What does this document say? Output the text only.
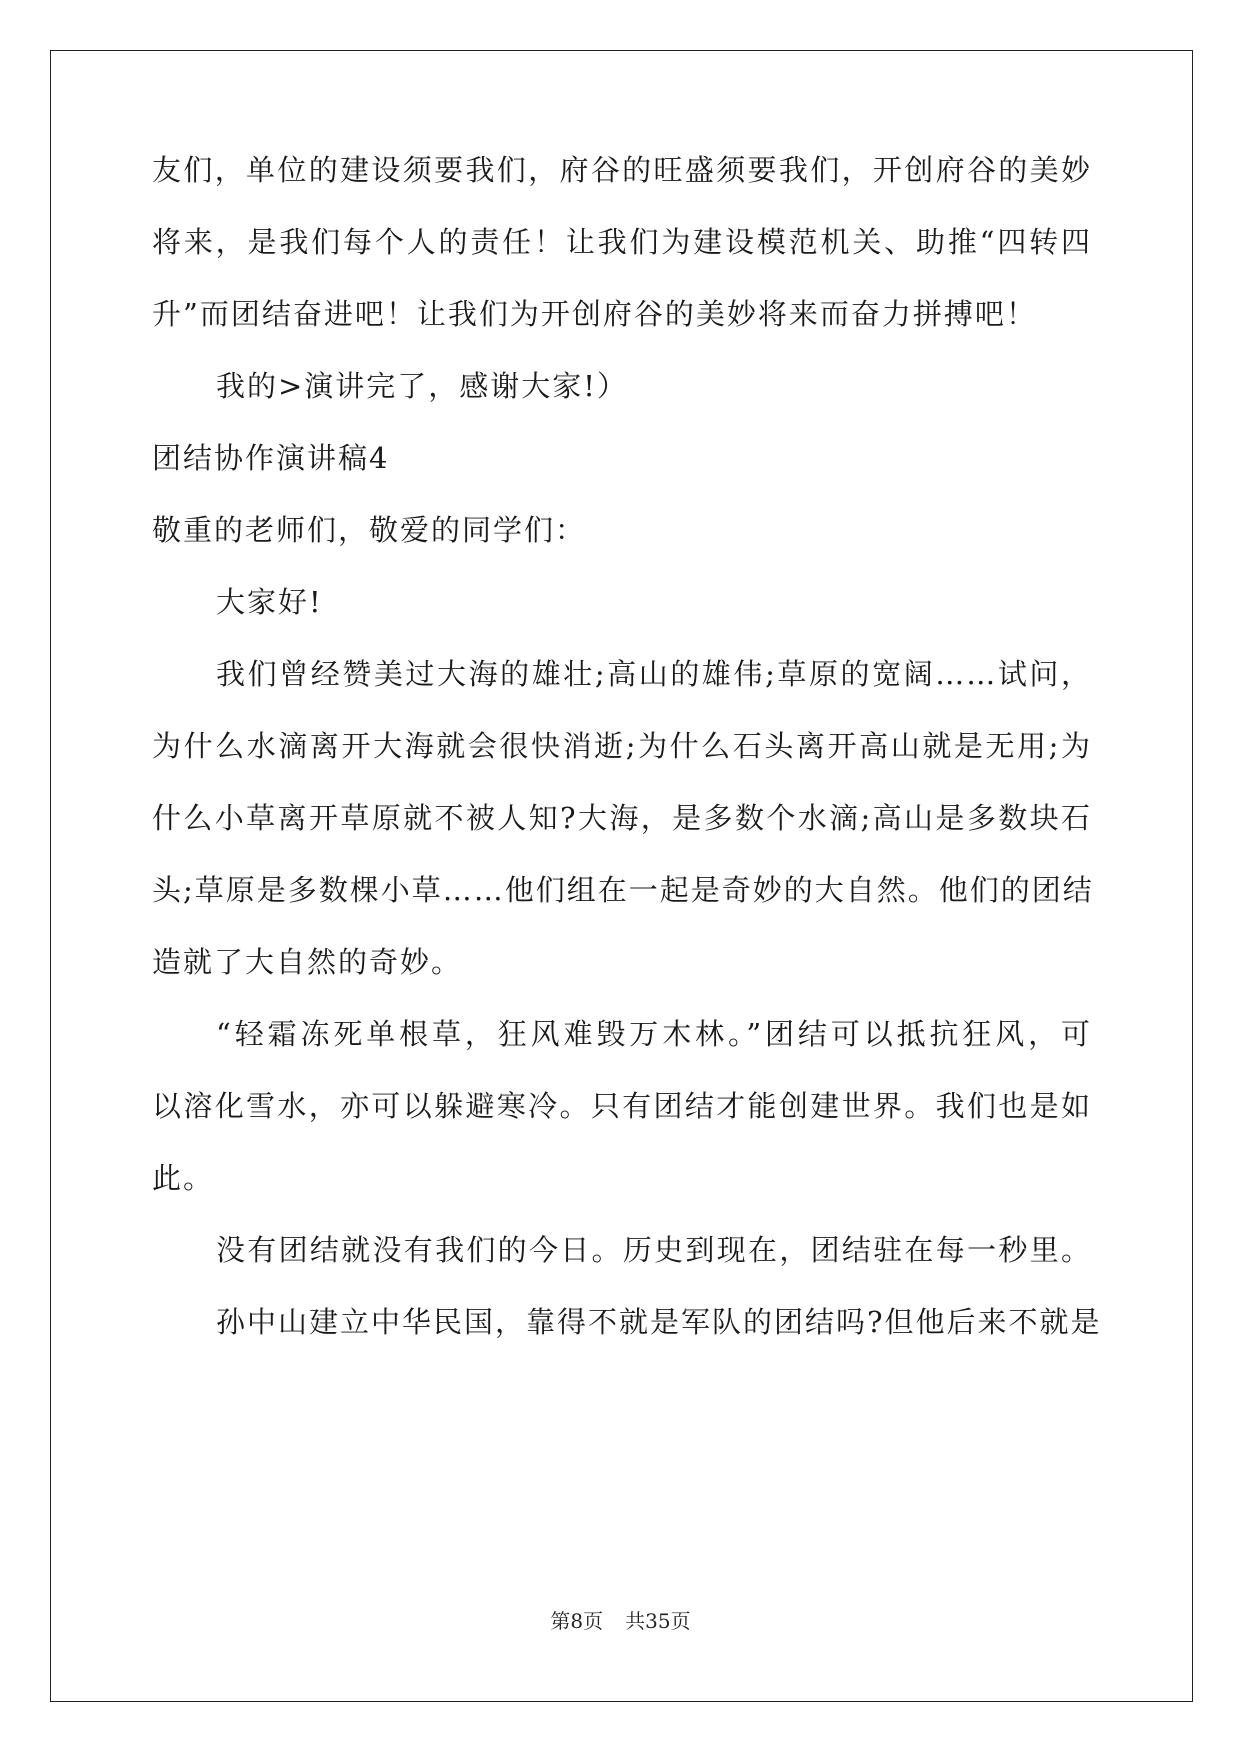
友们，单位的建设须要我们，府谷的旺盛须要我们，开创府谷的美妙
将来，是我们每个人的责任！让我们为建设模范机关、助推“四转四
升”而团结奋进吧！让我们为开创府谷的美妙将来而奋力拼搏吧！
我的>演讲完了，感谢大家!）
团结协作演讲稿4
敬重的老师们，敬爱的同学们：
大家好!
我们曾经赞美过大海的雄壮;高山的雄伟;草原的宽阔……试问，
为什么水滴离开大海就会很快消逝;为什么石头离开高山就是无用;为
什么小草离开草原就不被人知?大海，是多数个水滴;高山是多数块石
头;草原是多数棵小草……他们组在一起是奇妙的大自然。他们的团结
造就了大自然的奇妙。
“轻霜冻死单根草，狂风难毁万木林。”团结可以抵抗狂风，可
以溶化雪水，亦可以躲避寒冷。只有团结才能创建世界。我们也是如
此。
没有团结就没有我们的今日。历史到现在，团结驻在每一秒里。
孙中山建立中华民国，靠得不就是军队的团结吗?但他后来不就是
第8页 共35页
